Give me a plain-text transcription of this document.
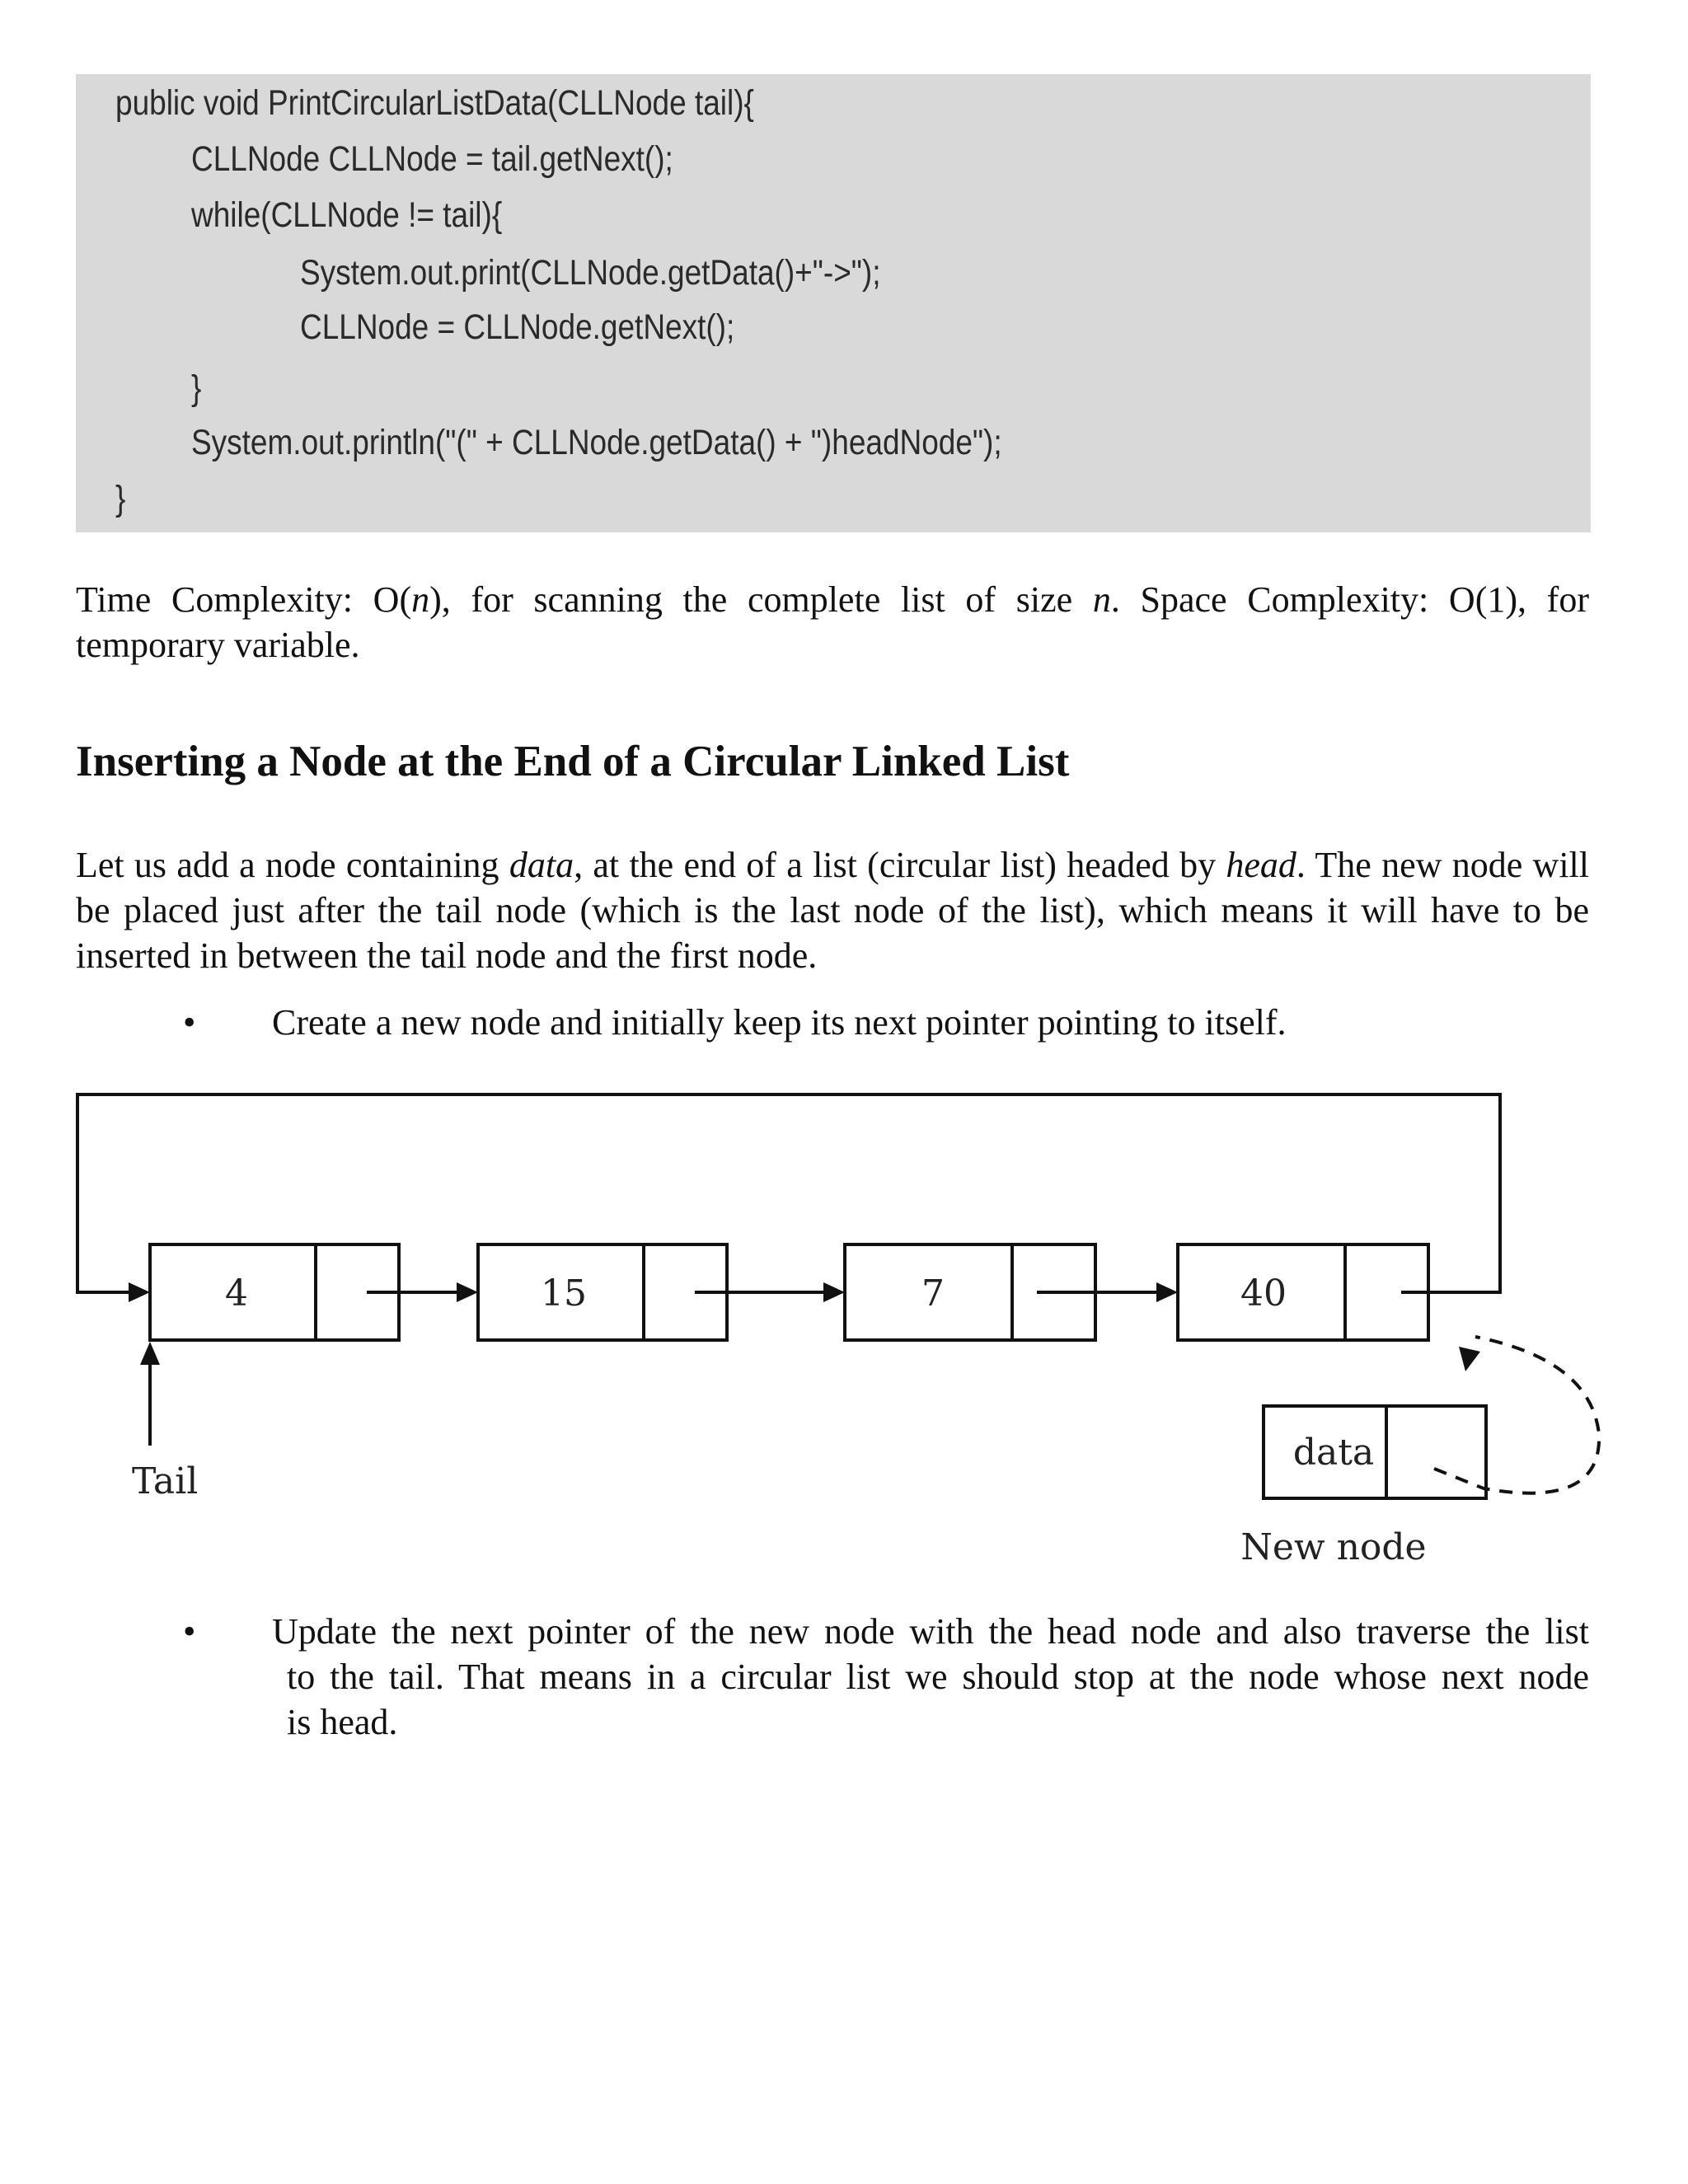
public void PrintCircularListData(CLLNode tail){
CLLNode CLLNode = tail.getNext();
while(CLLNode != tail){
System.out.print(CLLNode.getData()+"->");
CLLNode = CLLNode.getNext();
}
System.out.println("(" + CLLNode.getData() + ")headNode");
}
Time Complexity: O(n), for scanning the complete list of size n. Space Complexity: O(1), for
temporary variable.
Inserting a Node at the End of a Circular Linked List
Let us add a node containing data, at the end of a list (circular list) headed by head. The new node will be placed just after the tail node (which is the last node of the list), which means it will have to be inserted in between the tail node and the first node.
• Create a new node and initially keep its next pointer pointing to itself.
4	15	7	40
Tail
data
New node
• Update the next pointer of the new node with the head node and also traverse the list
to the tail. That means in a circular list we should stop at the node whose next node
is head.
